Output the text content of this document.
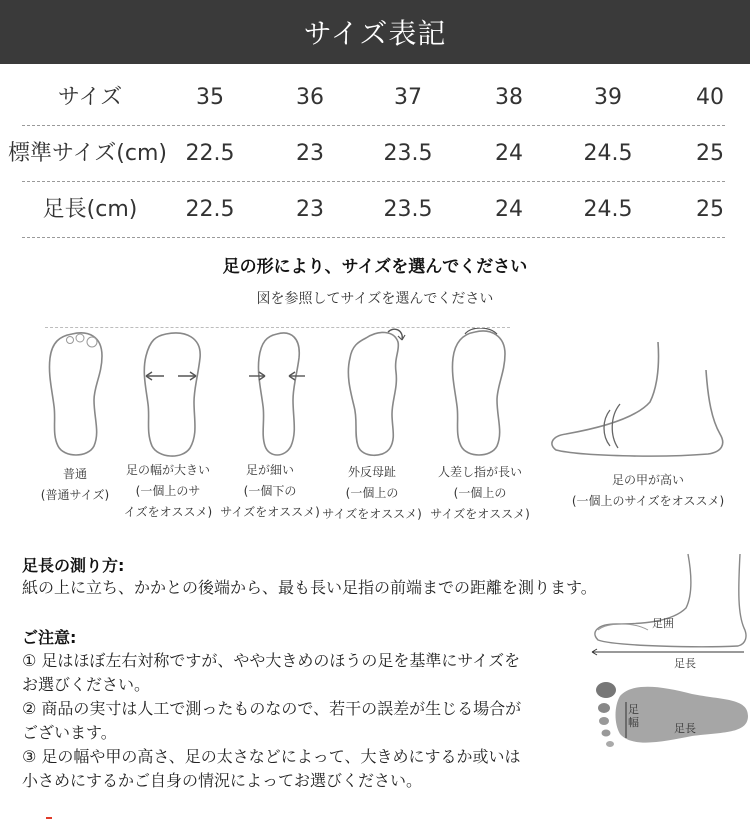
サイズ表記
サイズ	35	36	37	38	39	40
標準サイズ(cm) 22.5	23	23.5	24	24.5	25
足長(cm)	22.5	23	23.5	24	24.5	25
足の形により、サイズを選んでください
図を参照してサイズを選んでください
普通
(普通サイズ)
足の幅が大きい
(一個上のサ
イズをオススメ)
足が細い
(一個下の
サイズをオススメ)
外反母趾
(一個上の
サイズをオススメ)
人差し指が長い
(一個上の
サイズをオススメ)
足の甲が高い
(一個上のサイズをオススメ)
足長の測り方:
紙の上に立ち、かかとの後端から、最も長い足指の前端までの距離を測ります。
ご注意:
① 足はほぼ左右対称ですが、やや大きめのほうの足を基準にサイズを
お選びください。
② 商品の実寸は人工で測ったものなので、若干の誤差が生じる場合が
ございます。
③ 足の幅や甲の高さ、足の太さなどによって、大きめにするか或いは
小さめにするかご自身の情況によってお選びください。
足囲
足長
足幅	足長
